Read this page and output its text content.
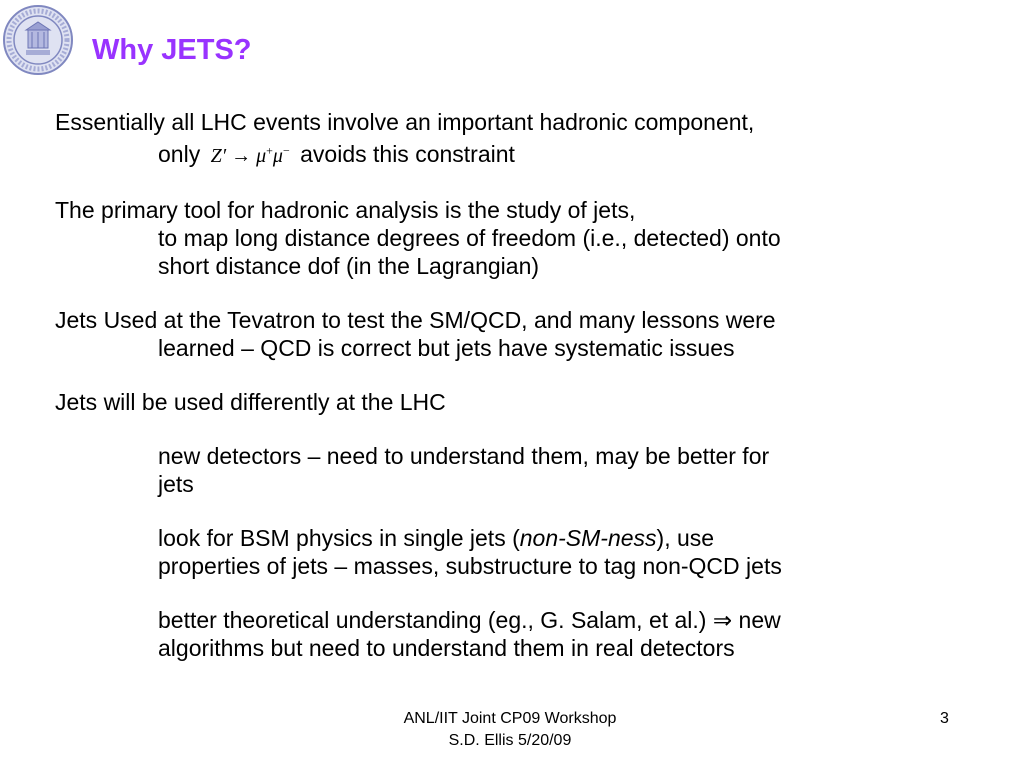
Why JETS?

Essentially all LHC events involve an important hadronic component,
only Z′ → μ+μ− avoids this constraint

The primary tool for hadronic analysis is the study of jets,
to map long distance degrees of freedom (i.e., detected) onto
short distance dof (in the Lagrangian)

Jets Used at the Tevatron to test the SM/QCD, and many lessons were
learned – QCD is correct but jets have systematic issues

Jets will be used differently at the LHC

new detectors – need to understand them, may be better for
jets

look for BSM physics in single jets (non-SM-ness), use
properties of jets – masses, substructure to tag non-QCD jets

better theoretical understanding (eg., G. Salam, et al.) ⇒ new
algorithms but need to understand them in real detectors

ANL/IIT Joint CP09 Workshop
S.D. Ellis 5/20/09
3
